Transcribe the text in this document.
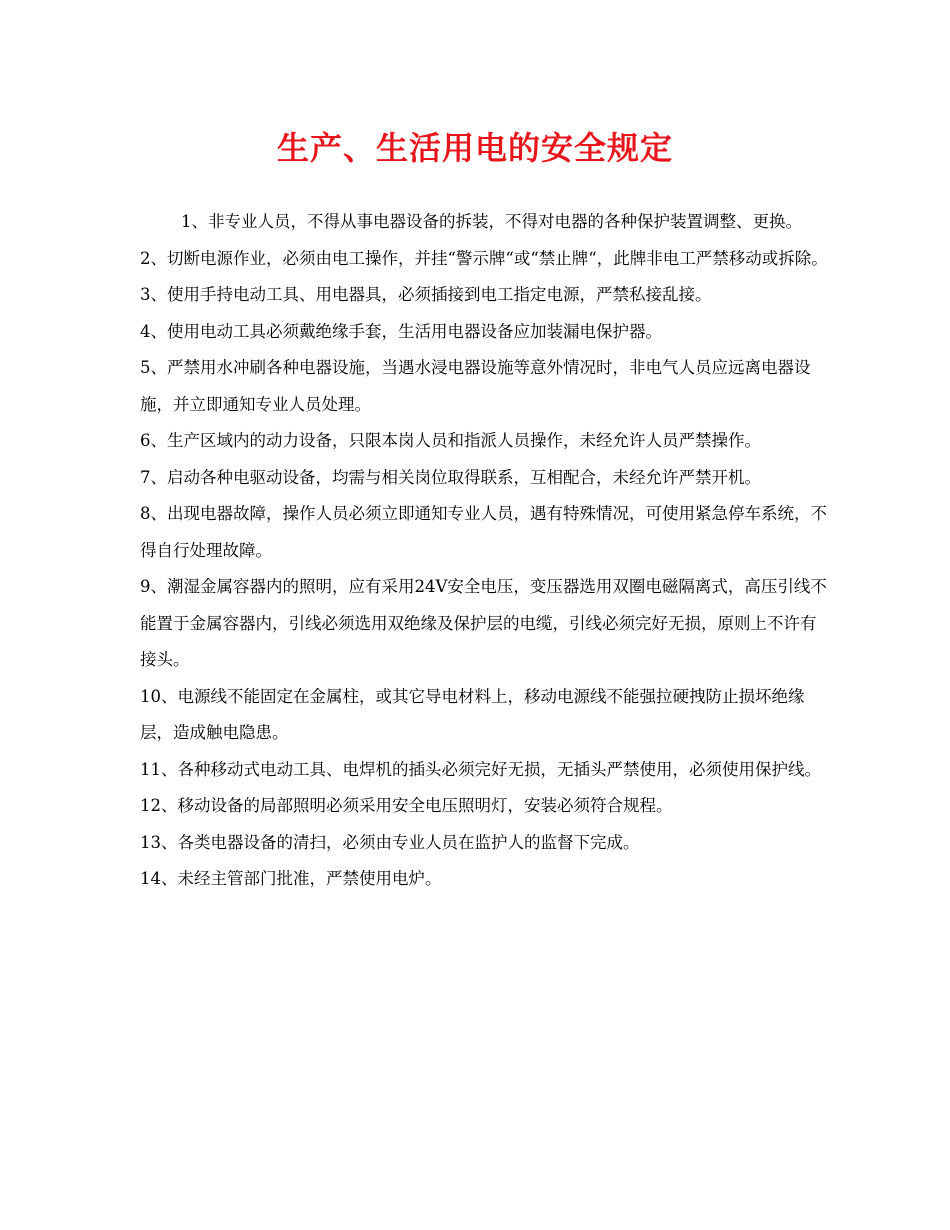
生产、生活用电的安全规定

1、非专业人员，不得从事电器设备的拆装，不得对电器的各种保护装置调整、更换。

2、切断电源作业，必须由电工操作，并挂“警示牌“或“禁止牌“，此牌非电工严禁移动或拆除。

3、使用手持电动工具、用电器具，必须插接到电工指定电源，严禁私接乱接。

4、使用电动工具必须戴绝缘手套，生活用电器设备应加装漏电保护器。

5、严禁用水冲刷各种电器设施，当遇水浸电器设施等意外情况时，非电气人员应远离电器设施，并立即通知专业人员处理。

6、生产区域内的动力设备，只限本岗人员和指派人员操作，未经允许人员严禁操作。

7、启动各种电驱动设备，均需与相关岗位取得联系，互相配合，未经允许严禁开机。

8、出现电器故障，操作人员必须立即通知专业人员，遇有特殊情况，可使用紧急停车系统，不得自行处理故障。

9、潮湿金属容器内的照明，应有采用24V安全电压，变压器选用双圈电磁隔离式，高压引线不能置于金属容器内，引线必须选用双绝缘及保护层的电缆，引线必须完好无损，原则上不许有接头。

10、电源线不能固定在金属柱，或其它导电材料上，移动电源线不能强拉硬拽防止损坏绝缘层，造成触电隐患。

11、各种移动式电动工具、电焊机的插头必须完好无损，无插头严禁使用，必须使用保护线。

12、移动设备的局部照明必须采用安全电压照明灯，安装必须符合规程。

13、各类电器设备的清扫，必须由专业人员在监护人的监督下完成。

14、未经主管部门批准，严禁使用电炉。
